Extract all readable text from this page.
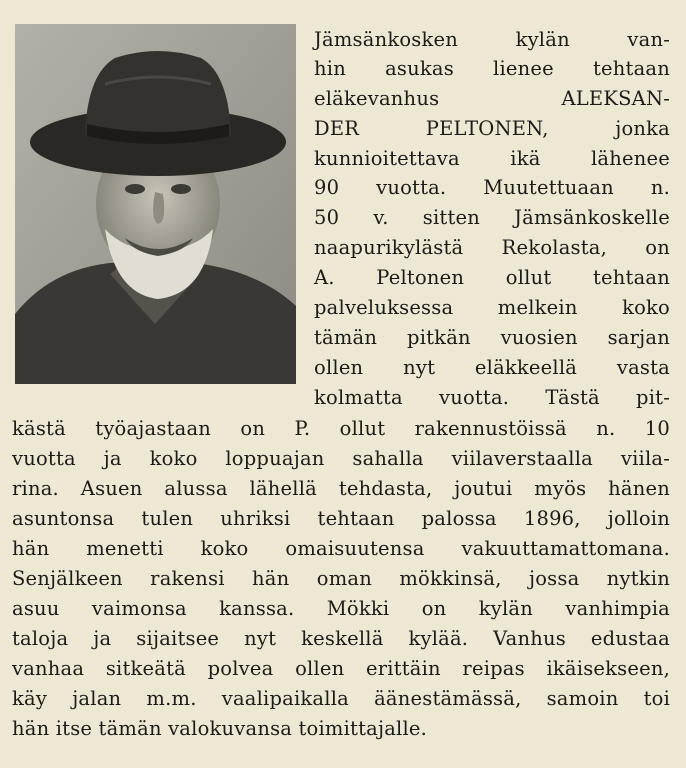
Jämsänkosken kylän van-
hin asukas lienee tehtaan
eläkevanhus ALEKSAN-
DER PELTONEN, jonka
kunnioitettava ikä lähenee
90 vuotta. Muutettuaan n.
50 v. sitten Jämsänkoskelle
naapurikylästä Rekolasta, on
A. Peltonen ollut tehtaan
palveluksessa melkein koko
tämän pitkän vuosien sarjan
ollen nyt eläkkeellä vasta
kolmatta vuotta. Tästä pit-
kästä työajastaan on P. ollut rakennustöissä n. 10
vuotta ja koko loppuajan sahalla viilaverstaalla viila-
rina. Asuen alussa lähellä tehdasta, joutui myös hänen
asuntonsa tulen uhriksi tehtaan palossa 1896, jolloin
hän menetti koko omaisuutensa vakuuttamattomana.
Senjälkeen rakensi hän oman mökkinsä, jossa nytkin
asuu vaimonsa kanssa. Mökki on kylän vanhimpia
taloja ja sijaitsee nyt keskellä kylää. Vanhus edustaa
vanhaa sitkeätä polvea ollen erittäin reipas ikäisekseen,
käy jalan m.m. vaalipaikalla äänestämässä, samoin toi
hän itse tämän valokuvansa toimittajalle.
